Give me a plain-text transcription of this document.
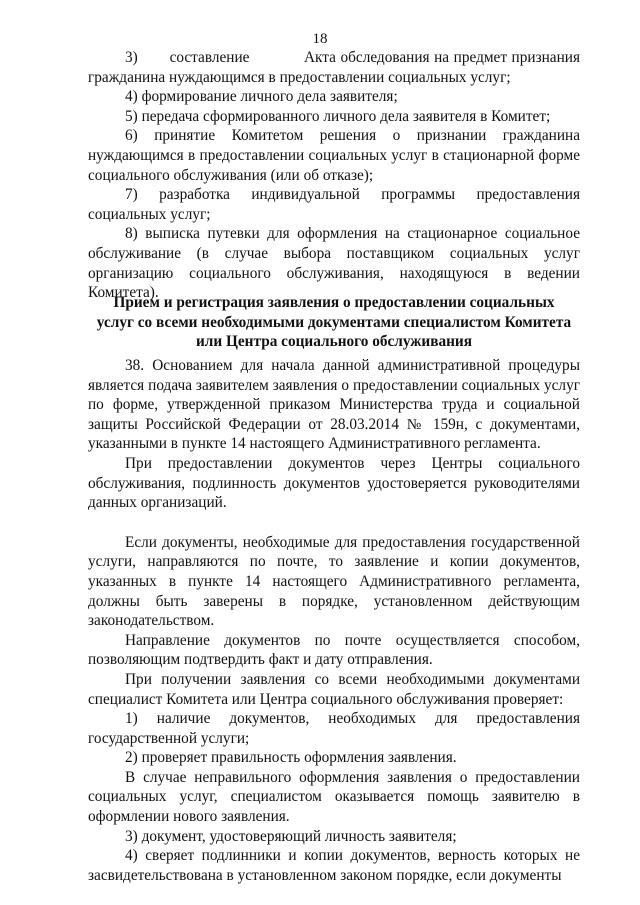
18

3)       составление            Акта обследования на предмет признания гражданина нуждающимся в предоставлении социальных услуг;

4) формирование личного дела заявителя;

5) передача сформированного личного дела заявителя в Комитет;

6) принятие Комитетом решения о признании гражданина нуждающимся в предоставлении социальных услуг в стационарной форме социального обслуживания (или об отказе);

7) разработка индивидуальной программы предоставления социальных услуг;

8) выписка путевки для оформления на стационарное социальное обслуживание (в случае выбора поставщиком социальных услуг организацию социального обслуживания, находящуюся в ведении Комитета).

Прием и регистрация заявления о предоставлении социальных
услуг со всеми необходимыми документами специалистом Комитета
или Центра социального обслуживания

38. Основанием для начала данной административной процедуры является подача заявителем заявления о предоставлении социальных услуг по форме, утвержденной приказом Министерства труда и социальной защиты Российской Федерации от 28.03.2014 № 159н, с документами, указанными в пункте 14 настоящего Административного регламента.

При предоставлении документов через Центры социального обслуживания, подлинность документов удостоверяется руководителями данных организаций.

Если документы, необходимые для предоставления государственной услуги, направляются по почте, то заявление и копии документов, указанных в пункте 14 настоящего Административного регламента, должны быть заверены в порядке, установленном действующим законодательством.

Направление документов по почте осуществляется способом, позволяющим подтвердить факт и дату отправления.

При получении заявления со всеми необходимыми документами специалист Комитета или Центра социального обслуживания проверяет:

1) наличие документов, необходимых для предоставления государственной услуги;

2) проверяет правильность оформления заявления.

В случае неправильного оформления заявления о предоставлении социальных услуг, специалистом оказывается помощь заявителю в оформлении нового заявления.

3) документ, удостоверяющий личность заявителя;

4) сверяет подлинники и копии документов, верность которых не засвидетельствована в установленном законом порядке, если документы
